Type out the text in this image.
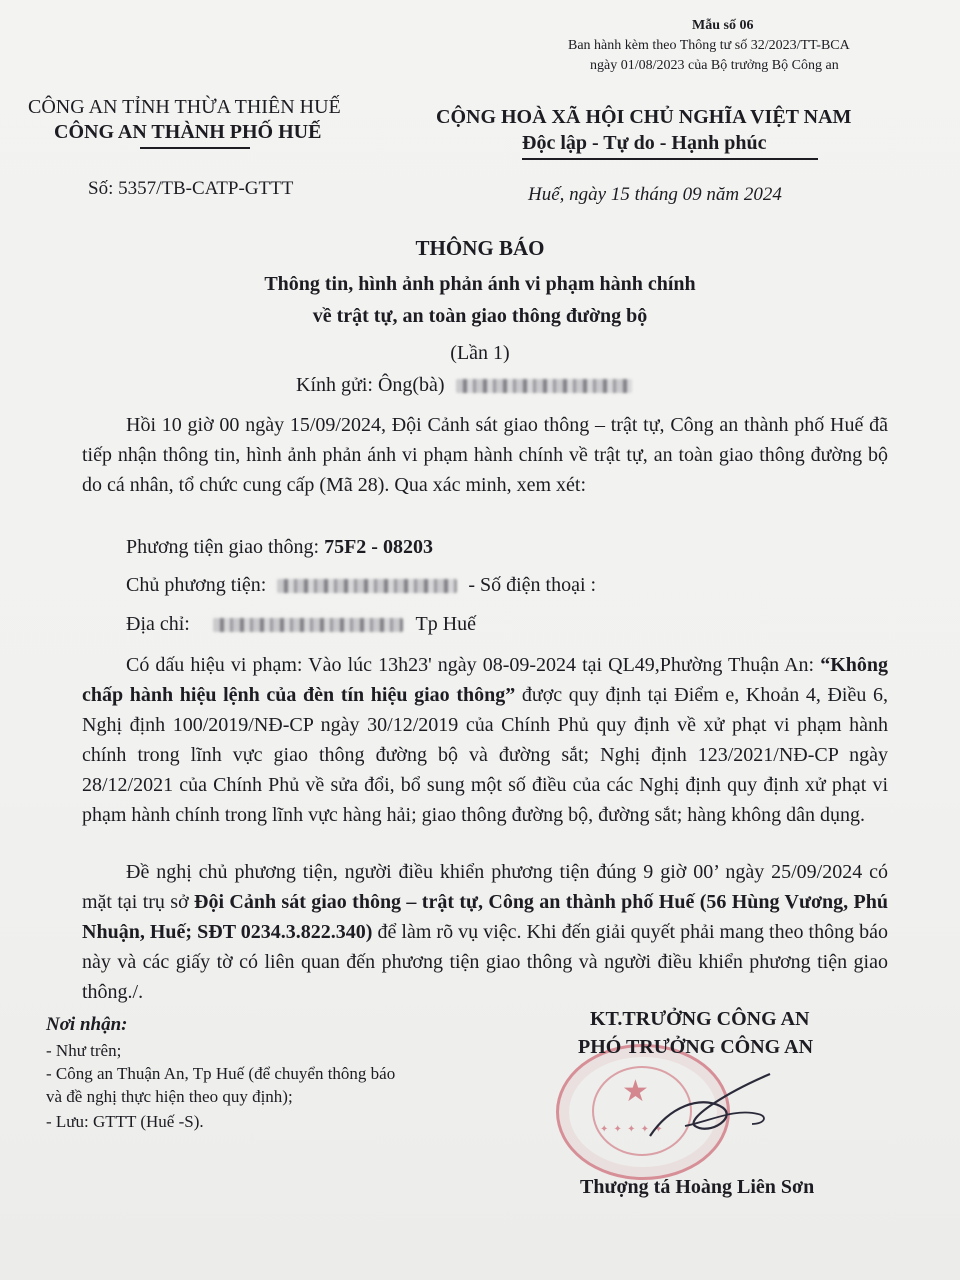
Mẫu số 06
Ban hành kèm theo Thông tư số 32/2023/TT-BCA
ngày 01/08/2023 của Bộ trưởng Bộ Công an
CÔNG AN TỈNH THỪA THIÊN HUẾ
CÔNG AN THÀNH PHỐ HUẾ
Số: 5357/TB-CATP-GTTT
CỘNG HOÀ XÃ HỘI CHỦ NGHĨA VIỆT NAM
Độc lập - Tự do - Hạnh phúc
Huế, ngày 15 tháng 09 năm 2024
THÔNG BÁO
Thông tin, hình ảnh phản ánh vi phạm hành chính
về trật tự, an toàn giao thông đường bộ
(Lần 1)
Kính gửi: Ông(bà)
Hồi 10 giờ 00 ngày 15/09/2024, Đội Cảnh sát giao thông – trật tự, Công an thành phố Huế đã tiếp nhận thông tin, hình ảnh phản ánh vi phạm hành chính về trật tự, an toàn giao thông đường bộ do cá nhân, tổ chức cung cấp (Mã 28). Qua xác minh, xem xét:
Phương tiện giao thông: 75F2 - 08203
Chủ phương tiện:	- Số điện thoại :
Địa chỉ:	Tp Huế
Có dấu hiệu vi phạm: Vào lúc 13h23' ngày 08-09-2024 tại QL49,Phường Thuận An: “Không chấp hành hiệu lệnh của đèn tín hiệu giao thông” được quy định tại Điểm e, Khoản 4, Điều 6, Nghị định 100/2019/NĐ-CP ngày 30/12/2019 của Chính Phủ quy định về xử phạt vi phạm hành chính trong lĩnh vực giao thông đường bộ và đường sắt; Nghị định 123/2021/NĐ-CP ngày 28/12/2021 của Chính Phủ về sửa đổi, bổ sung một số điều của các Nghị định quy định xử phạt vi phạm hành chính trong lĩnh vực hàng hải; giao thông đường bộ, đường sắt; hàng không dân dụng.
Đề nghị chủ phương tiện, người điều khiển phương tiện đúng 9 giờ 00’ ngày 25/09/2024 có mặt tại trụ sở Đội Cảnh sát giao thông – trật tự, Công an thành phố Huế (56 Hùng Vương, Phú Nhuận, Huế; SĐT 0234.3.822.340) để làm rõ vụ việc. Khi đến giải quyết phải mang theo thông báo này và các giấy tờ có liên quan đến phương tiện giao thông và người điều khiển phương tiện giao thông./.
Nơi nhận:
- Như trên;
- Công an Thuận An, Tp Huế (để chuyển thông báo
và đề nghị thực hiện theo quy định);
- Lưu: GTTT (Huế -S).
★
✦ ✦ ✦ ✦ ✦
KT.TRƯỞNG CÔNG AN
PHÓ TRƯỞNG CÔNG AN
Thượng tá Hoàng Liên Sơn
